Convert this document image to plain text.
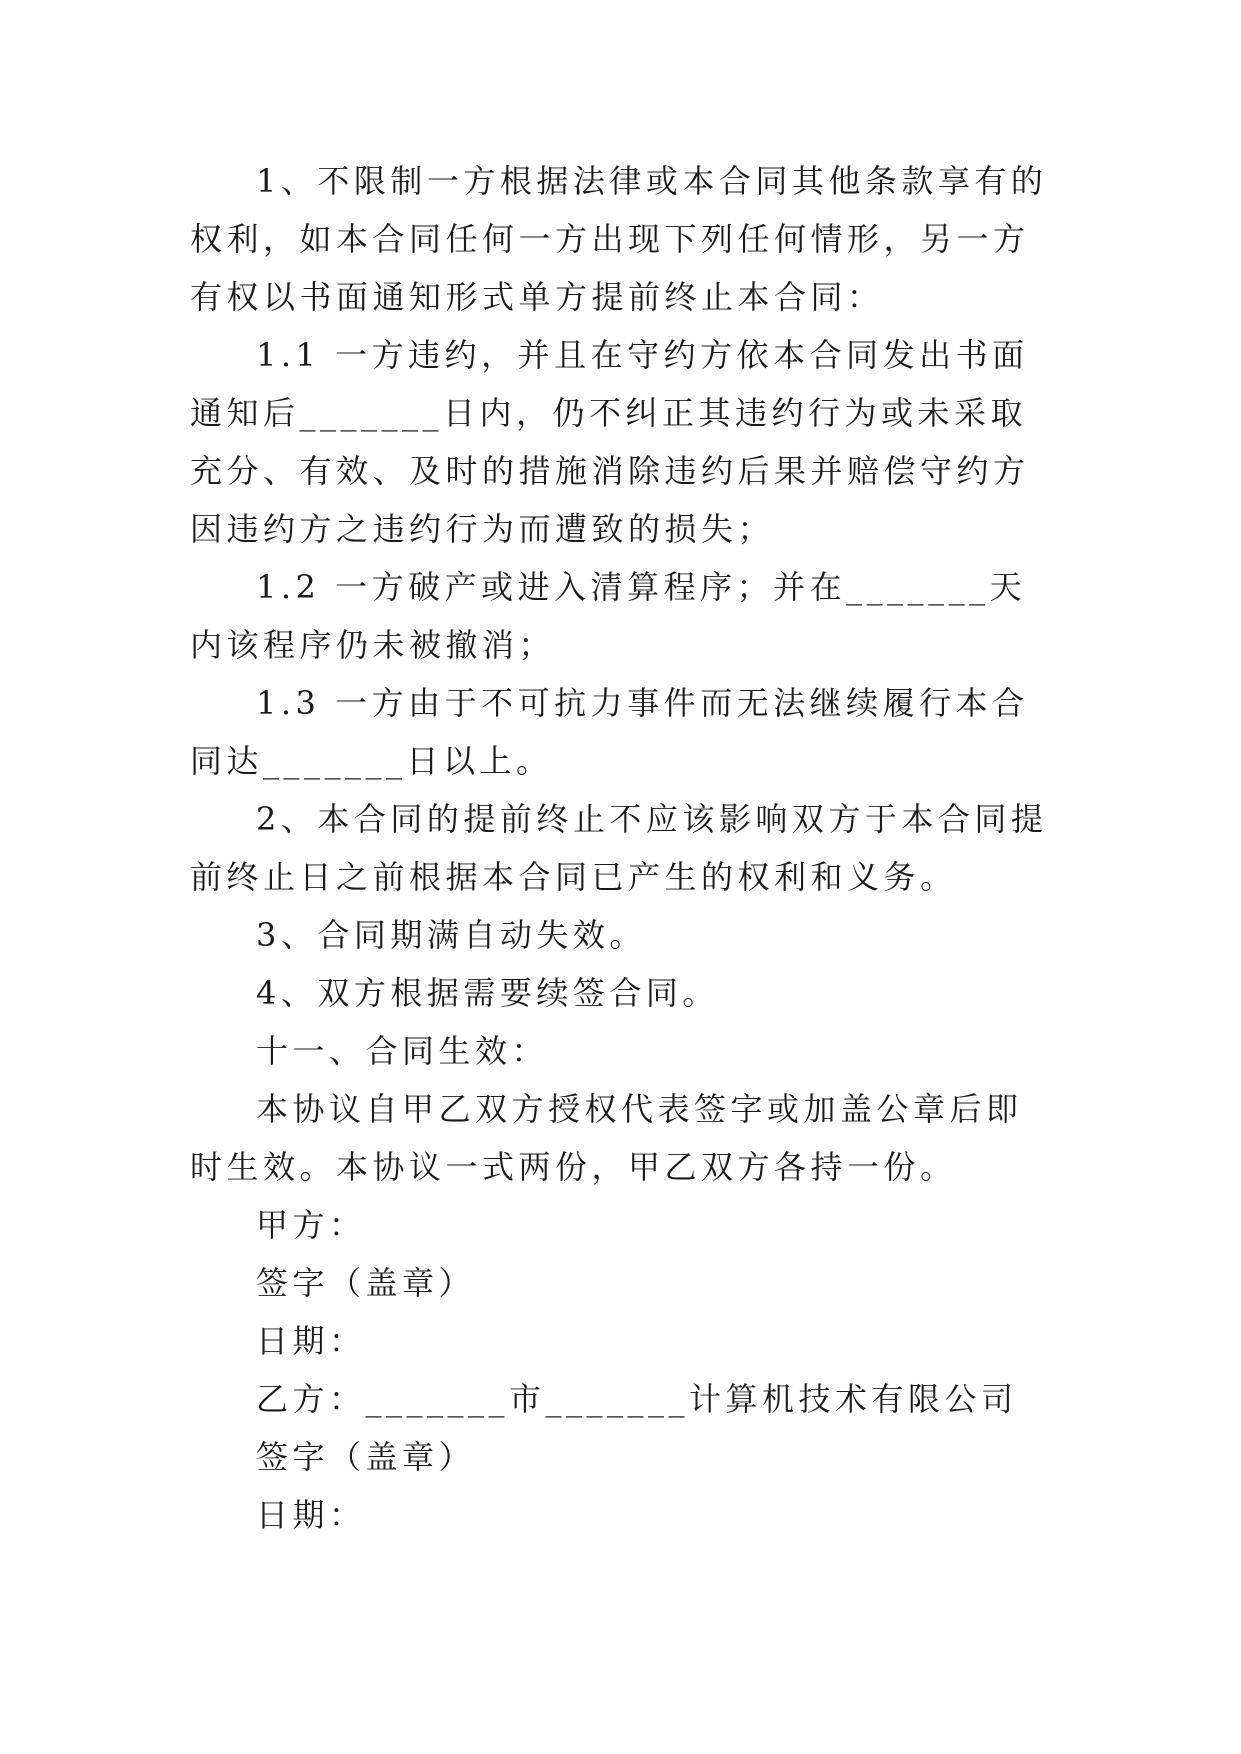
1、不限制一方根据法律或本合同其他条款享有的权利，如本合同任何一方出现下列任何情形，另一方有权以书面通知形式单方提前终止本合同：

1.1 一方违约，并且在守约方依本合同发出书面通知后_______日内，仍不纠正其违约行为或未采取充分、有效、及时的措施消除违约后果并赔偿守约方因违约方之违约行为而遭致的损失；

1.2 一方破产或进入清算程序；并在_______天内该程序仍未被撤消；

1.3 一方由于不可抗力事件而无法继续履行本合同达_______日以上。

2、本合同的提前终止不应该影响双方于本合同提前终止日之前根据本合同已产生的权利和义务。

3、合同期满自动失效。

4、双方根据需要续签合同。

十一、合同生效：

本协议自甲乙双方授权代表签字或加盖公章后即时生效。本协议一式两份，甲乙双方各持一份。

甲方：

签字（盖章）

日期：

乙方：_______市_______计算机技术有限公司

签字（盖章）

日期：
